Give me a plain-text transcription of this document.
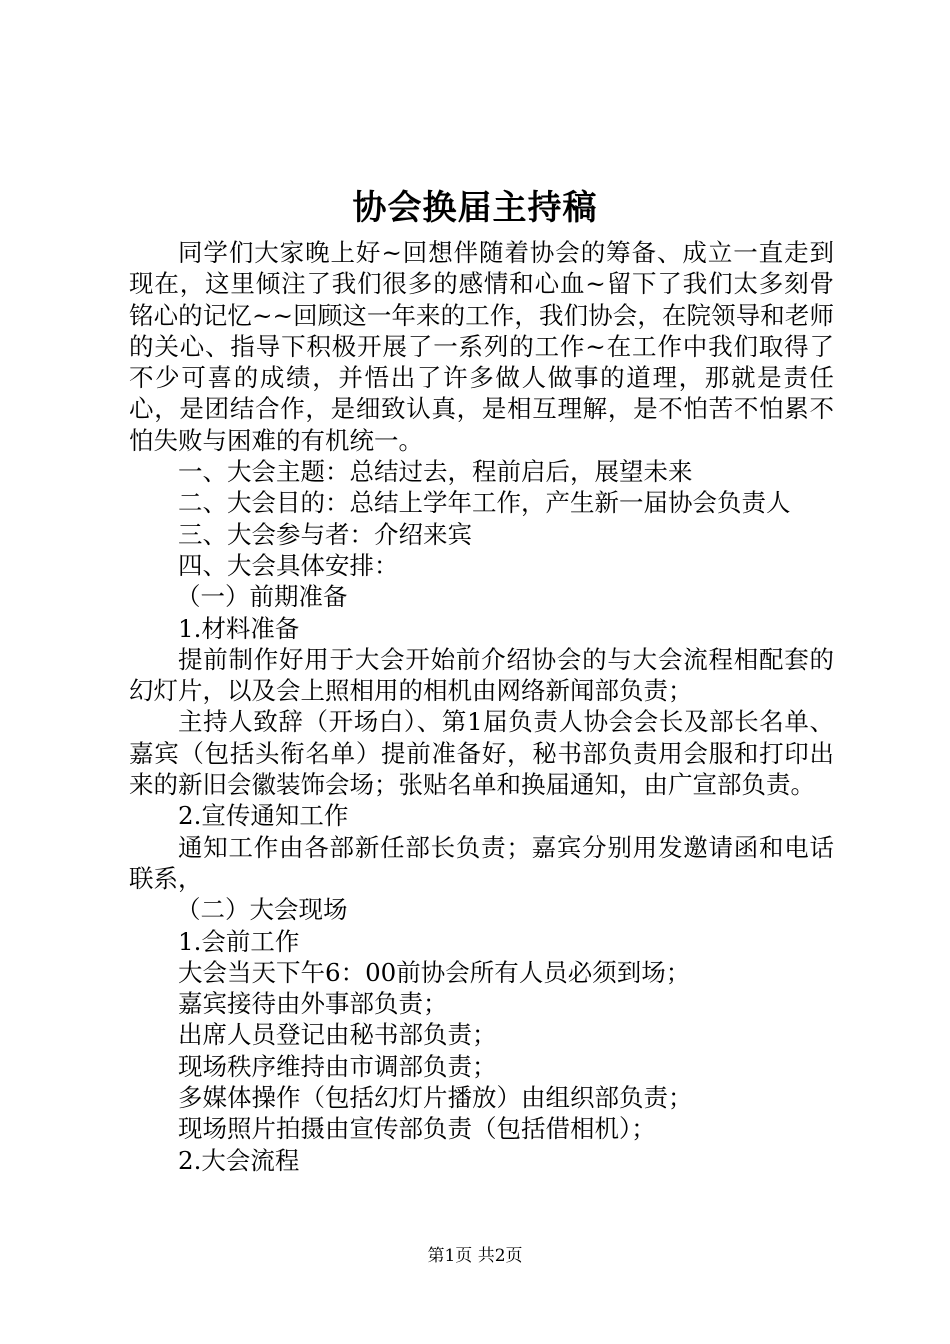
协会换届主持稿

同学们大家晚上好~回想伴随着协会的筹备、成立一直走到现在，这里倾注了我们很多的感情和心血~留下了我们太多刻骨铭心的记忆~~回顾这一年来的工作，我们协会，在院领导和老师的关心、指导下积极开展了一系列的工作~在工作中我们取得了不少可喜的成绩，并悟出了许多做人做事的道理，那就是责任心，是团结合作，是细致认真，是相互理解，是不怕苦不怕累不怕失败与困难的有机统一。

一、大会主题：总结过去，程前启后，展望未来

二、大会目的：总结上学年工作，产生新一届协会负责人

三、大会参与者：介绍来宾

四、大会具体安排：

（一）前期准备

1.材料准备

提前制作好用于大会开始前介绍协会的与大会流程相配套的幻灯片，以及会上照相用的相机由网络新闻部负责；

主持人致辞（开场白）、第1届负责人协会会长及部长名单、嘉宾（包括头衔名单）提前准备好，秘书部负责用会服和打印出来的新旧会徽装饰会场；张贴名单和换届通知，由广宣部负责。

2.宣传通知工作

通知工作由各部新任部长负责；嘉宾分别用发邀请函和电话联系，

（二）大会现场

1.会前工作

大会当天下午6：00前协会所有人员必须到场；

嘉宾接待由外事部负责；

出席人员登记由秘书部负责；

现场秩序维持由市调部负责；

多媒体操作（包括幻灯片播放）由组织部负责；

现场照片拍摄由宣传部负责（包括借相机）；

2.大会流程

第1页 共2页
